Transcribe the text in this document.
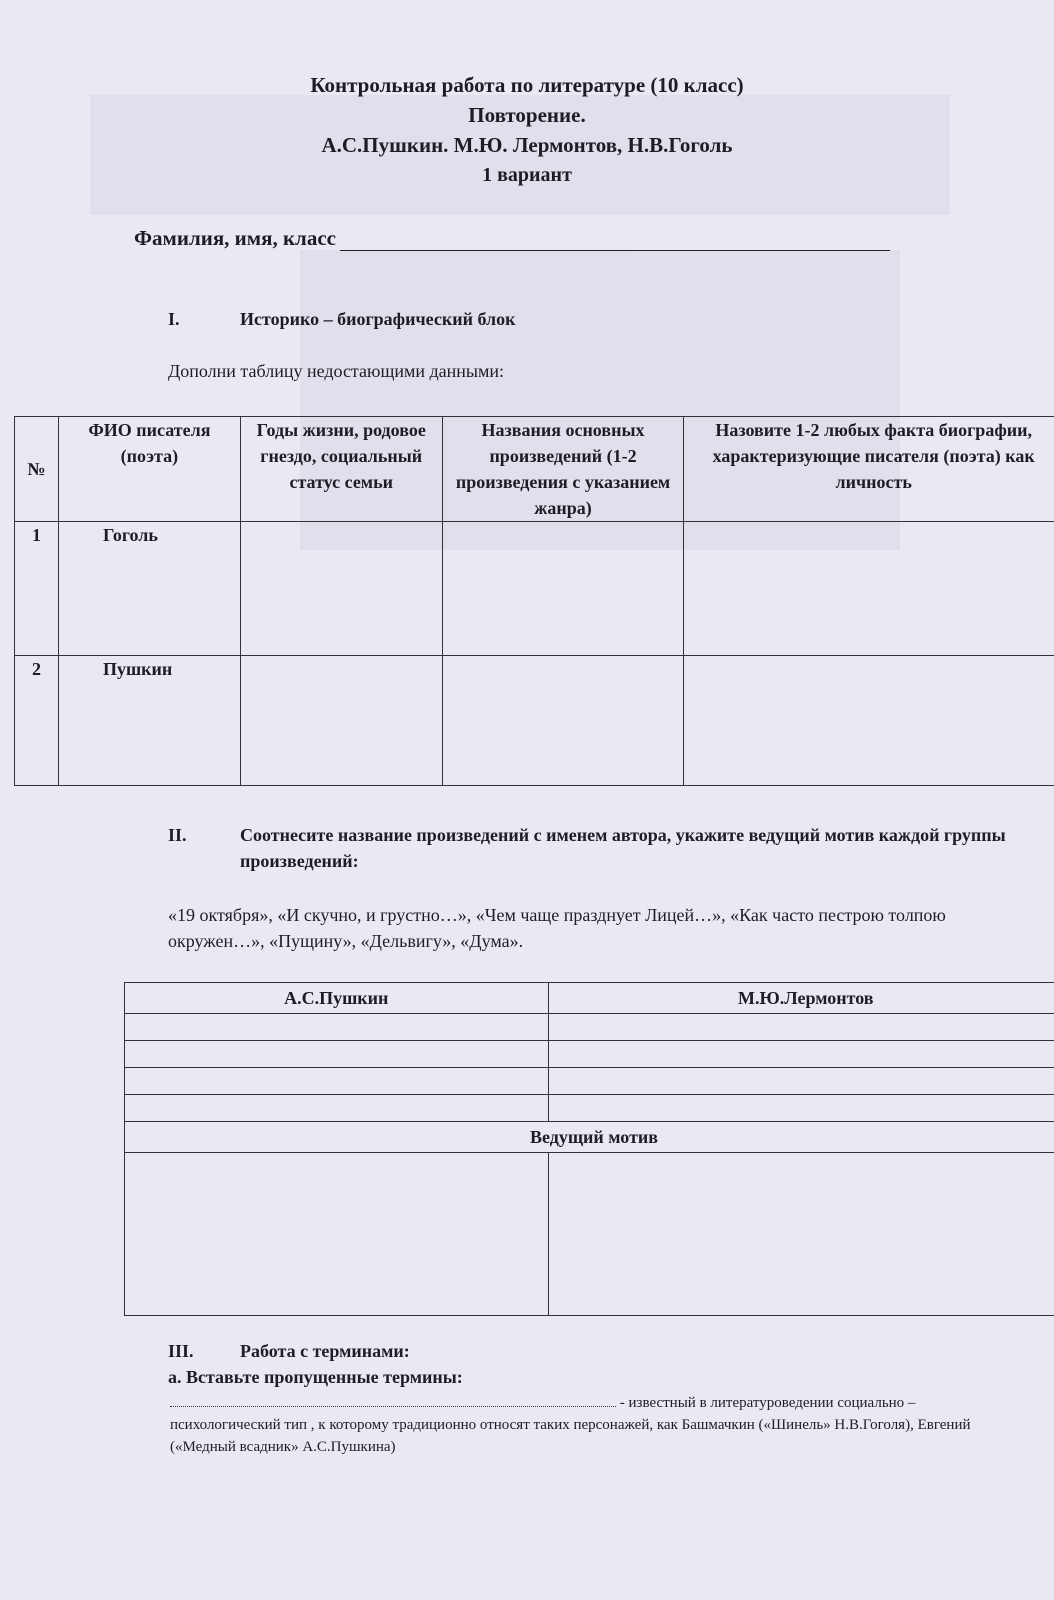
Контрольная работа по литературе (10 класс)
Повторение.
А.С.Пушкин. М.Ю. Лермонтов, Н.В.Гоголь
1 вариант
Фамилия, имя, класс
I.	Историко – биографический блок
Дополни таблицу недостающими данными:
№	ФИО писателя (поэта)	Годы жизни, родовое гнездо, социальный статус семьи	Названия основных произведений (1-2 произведения с указанием жанра)	Назовите 1-2 любых факта биографии, характеризующие писателя (поэта) как личность
1	Гоголь			
2	Пушкин			
II.	Соотнесите название произведений с именем автора, укажите ведущий мотив каждой группы произведений:
«19 октября», «И скучно, и грустно…», «Чем чаще празднует Лицей…», «Как часто пестрою толпою окружен…», «Пущину», «Дельвигу», «Дума».
А.С.Пушкин	М.Ю.Лермонтов

Ведущий мотив	

III.	Работа с терминами:
а. Вставьте пропущенные термины:
- известный в литературоведении социально – психологический тип , к которому традиционно относят таких персонажей, как Башмачкин («Шинель» Н.В.Гоголя), Евгений («Медный всадник» А.С.Пушкина)
